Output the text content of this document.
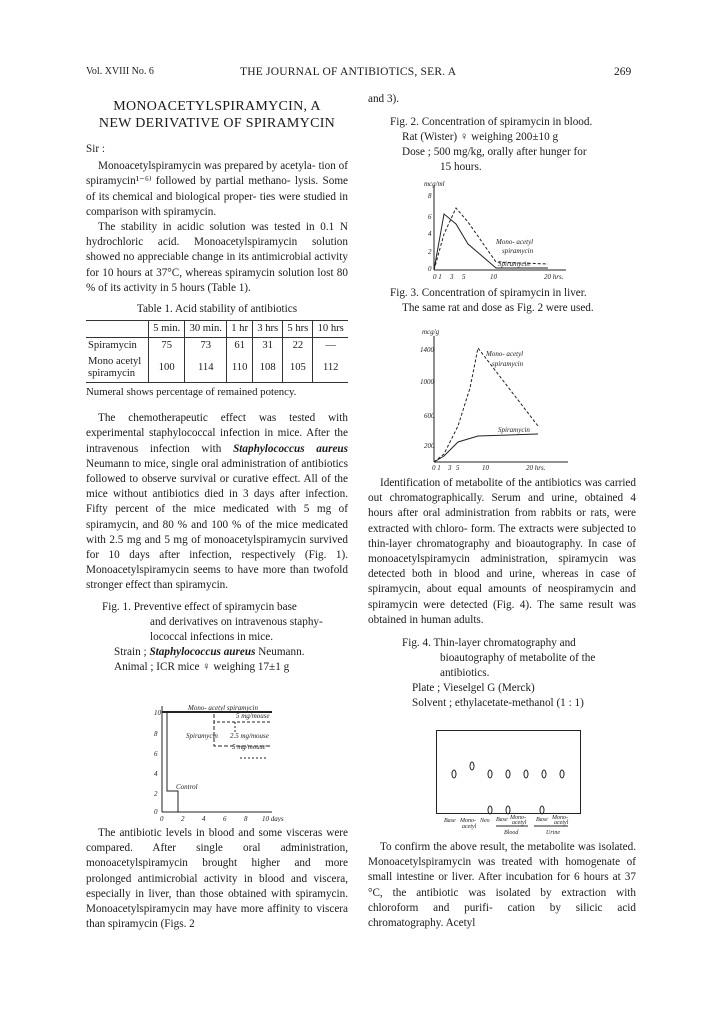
Vol. XVIII No. 6	THE JOURNAL OF ANTIBIOTICS, SER. A	269
MONOACETYLSPIRAMYCIN, A
NEW DERIVATIVE OF SPIRAMYCIN

Sir :

Monoacetylspiramycin was prepared by acetyla- tion of spiramycin¹⁻⁶⁾ followed by partial methano- lysis. Some of its chemical and biological proper- ties were studied in comparison with spiramycin.

The stability in acidic solution was tested in 0.1 N hydrochloric acid. Monoacetylspiramycin solution showed no appreciable change in its antimicrobial activity for 10 hours at 37°C, whereas spiramycin solution lost 80 % of its activity in 5 hours (Table 1).

Table 1. Acid stability of antibiotics
	5 min.	30 min.	1 hr	3 hrs	5 hrs	10 hrs
Spiramycin	75	73	61	31	22	—
Mono acetyl spiramycin	100	114	110	108	105	112

Numeral shows percentage of remained potency.

The chemotherapeutic effect was tested with experimental staphylococcal infection in mice. After the intravenous infection with Staphylococcus aureus Neumann to mice, single oral administration of antibiotics followed to observe survival or curative effect. All of the mice without antibiotics died in 3 days after infection. Fifty percent of the mice medicated with 5 mg of spiramycin, and 80 % and 100 % of the mice medicated with 2.5 mg and 5 mg of monoacetylspiramycin survived for 10 days after infection, respectively (Fig. 1). Monoacetylspiramycin seems to have more than twofold stronger effect than spiramycin.

Fig. 1. Preventive effect of spiramycin base
and derivatives on intravenous staphy-
lococcal infections in mice.
Strain ; Staphylococcus aureus Neumann.
Animal ; ICR mice ♀ weighing 17±1 g
10
8
6
4
2
0
0	2	4	6	8 10 days
Mono- acetyl spiramycin
5 mg/mouse
Spiramycin 2.5 mg/mouse
5 mg/mouse
Control

The antibiotic levels in blood and some visceras were compared. After single oral administration, monoacetylspiramycin brought higher and more prolonged antimicrobial activity in blood and viscera, especially in liver, than those obtained with spiramycin. Monoacetylspiramycin may have more affinity to viscera than spiramycin (Figs. 2

and 3).

Fig. 2. Concentration of spiramycin in blood.
Rat (Wister) ♀ weighing 200±10 g
Dose ; 500 mg/kg, orally after hunger for
15 hours.
mcg/ml
8
6
4
2
0
0 1 3 5	10	20 hrs.
Mono- acetyl
spiramycin
Spiramycin
Fig. 3. Concentration of spiramycin in liver.
The same rat and dose as Fig. 2 were used.
mcg/g
1400
1000
600
200
0 1 3 5	10	20 hrs.
Mono- acetyl
spiramycin
Spiramycin

Identification of metabolite of the antibiotics was carried out chromatographically. Serum and urine, obtained 4 hours after oral administration from rabbits or rats, were extracted with chloro- form. The extracts were subjected to thin-layer chromatography and bioautography. In case of monoacetylspiramycin administration, spiramycin was detected both in blood and urine, whereas in case of spiramycin, about equal amounts of neospiramycin and spiramycin were detected (Fig. 4). The same result was obtained in human adults.

Fig. 4. Thin-layer chromatography and
bioautography of metabolite of the
antibiotics.
Plate ; Vieselgel G (Merck)
Solvent ; ethylacetate-methanol (1 : 1)
Base Mono-
acetyl
Neo Base Mono-
acetyl Base Mono-
acetyl
Blood	Urine

To confirm the above result, the metabolite was isolated. Monoacetylspiramycin was treated with homogenate of small intestine or liver. After incubation for 6 hours at 37 °C, the antibiotic was isolated by extraction with chloroform and purifi- cation by silicic acid chromatography. Acetyl
